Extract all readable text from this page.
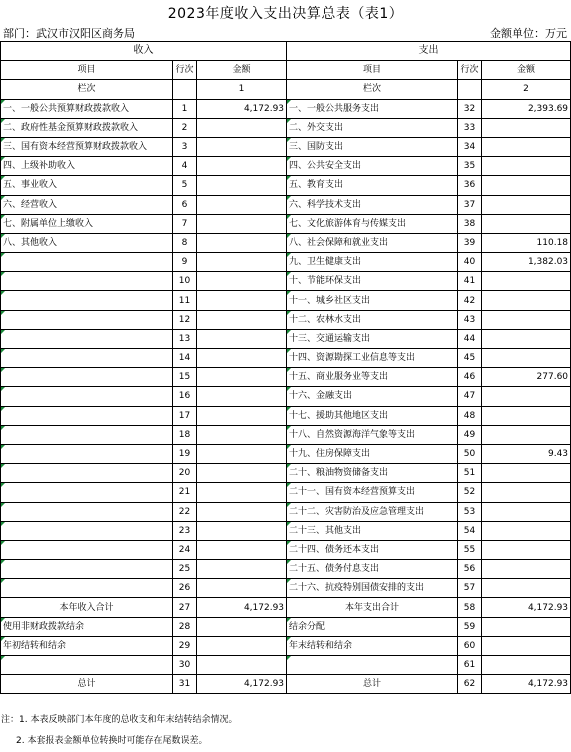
2023年度收入支出决算总表（表1）
部门：武汉市汉阳区商务局	金额单位：万元
收入			支出		
项目	行次	金额	项目	行次	金额
栏次		1	栏次		2
一、一般公共预算财政拨款收入	1	4,172.93	一、一般公共服务支出	32	2,393.69
二、政府性基金预算财政拨款收入	2		二、外交支出	33	
三、国有资本经营预算财政拨款收入	3		三、国防支出	34	
四、上级补助收入	4		四、公共安全支出	35	
五、事业收入	5		五、教育支出	36	
六、经营收入	6		六、科学技术支出	37	
七、附属单位上缴收入	7		七、文化旅游体育与传媒支出	38	
八、其他收入	8		八、社会保障和就业支出	39	110.18
	9		九、卫生健康支出	40	1,382.03
	10		十、节能环保支出	41	
	11		十一、城乡社区支出	42	
	12		十二、农林水支出	43	
	13		十三、交通运输支出	44	
	14		十四、资源勘探工业信息等支出	45	
	15		十五、商业服务业等支出	46	277.60
	16		十六、金融支出	47	
	17		十七、援助其他地区支出	48	
	18		十八、自然资源海洋气象等支出	49	
	19		十九、住房保障支出	50	9.43
	20		二十、粮油物资储备支出	51	
	21		二十一、国有资本经营预算支出	52	
	22		二十二、灾害防治及应急管理支出	53	
	23		二十三、其他支出	54	
	24		二十四、债务还本支出	55	
	25		二十五、债务付息支出	56	
	26		二十六、抗疫特别国债安排的支出	57	
本年收入合计	27	4,172.93	本年支出合计	58	4,172.93
使用非财政拨款结余	28		结余分配	59	
年初结转和结余	29		年末结转和结余	60	
	30			61	
总计	31	4,172.93	总计	62	4,172.93
注：1. 本表反映部门本年度的总收支和年末结转结余情况。
2. 本套报表金额单位转换时可能存在尾数误差。
